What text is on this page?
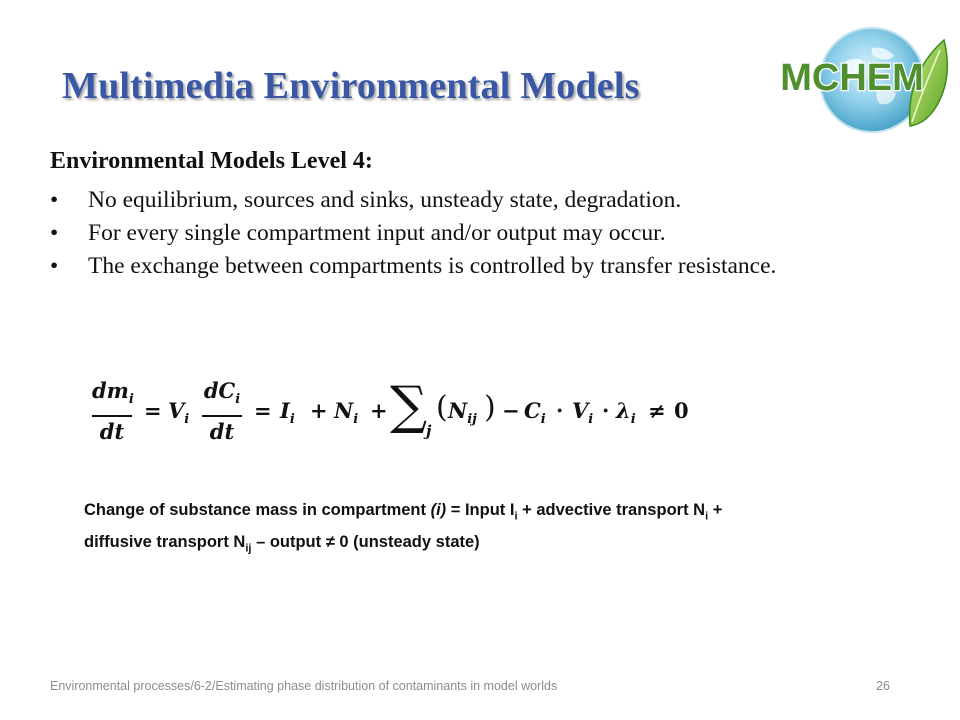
Multimedia Environmental Models	MCHEM
Environmental Models Level 4:
• No equilibrium, sources and sinks, unsteady state, degradation.
• For every single compartment input and/or output may occur.
• The exchange between compartments is controlled by transfer resistance.
$dm_i$
dt
= $V_i$
$dC_i$
dt
= $I_i + N_i$ + ∑
j
( $N_{ij}$ ) − $C_i \cdot V_i \cdot \lambda_i \ne 0$
Change of substance mass in compartment (i) = Input $I_i$ + advective transport $N_i$ +
diffusive transport $N_{ij}$ – output ≠ 0 (unsteady state)
Environmental processes/6-2/Estimating phase distribution of contaminants in model worlds	26
